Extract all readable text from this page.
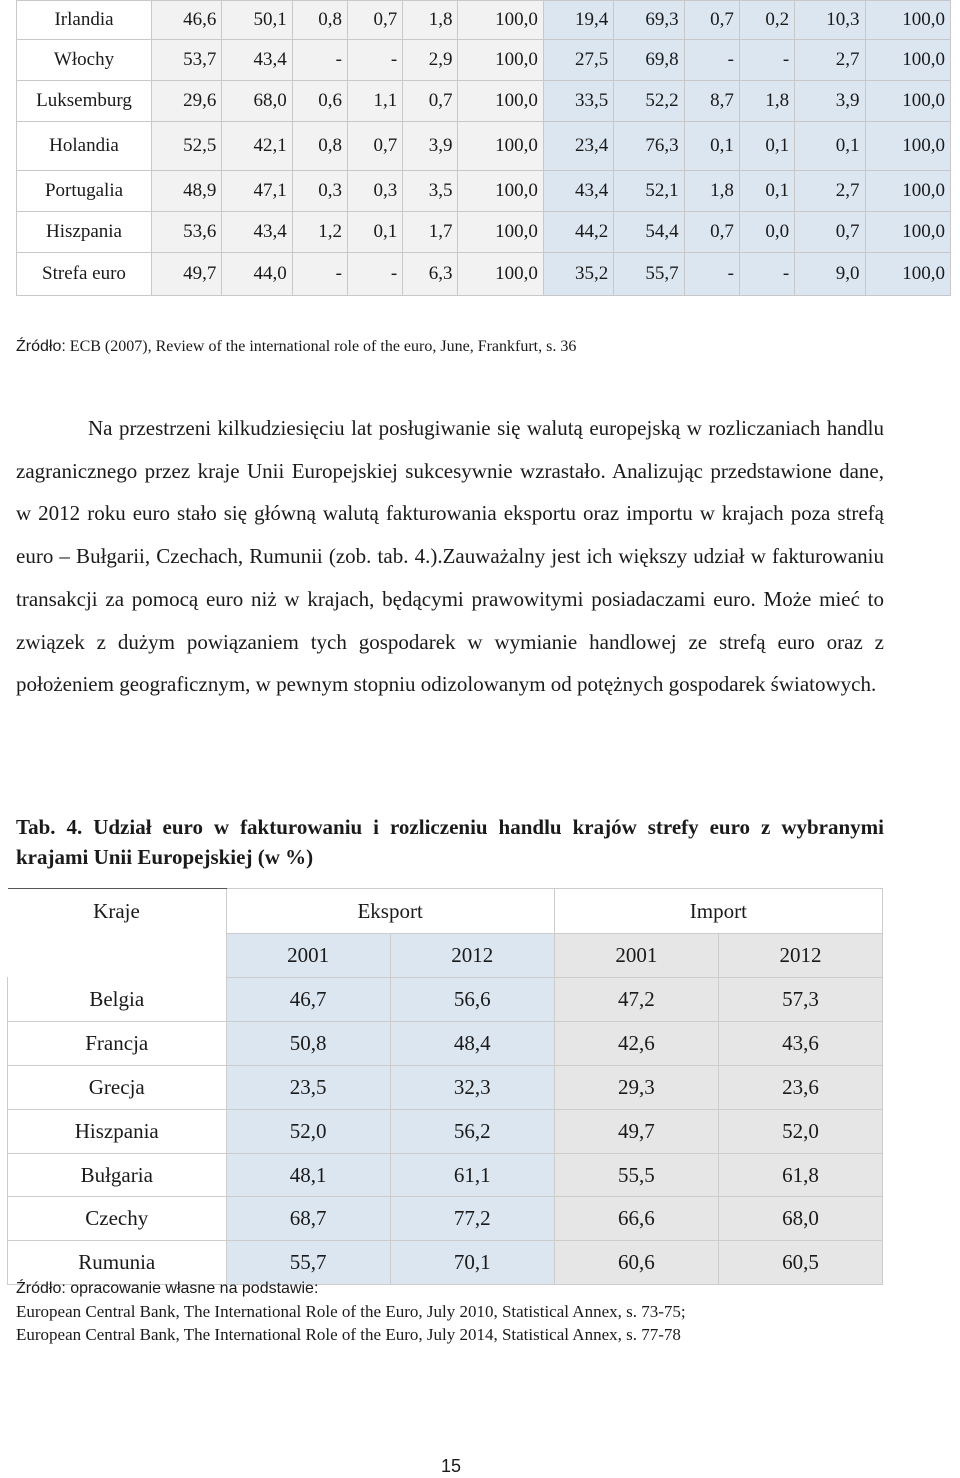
Irlandia	46,6	50,1	0,8	0,7	1,8	100,0	19,4	69,3	0,7	0,2	10,3	100,0
Włochy	53,7	43,4	-	-	2,9	100,0	27,5	69,8	-	-	2,7	100,0
Luksemburg	29,6	68,0	0,6	1,1	0,7	100,0	33,5	52,2	8,7	1,8	3,9	100,0
Holandia	52,5	42,1	0,8	0,7	3,9	100,0	23,4	76,3	0,1	0,1	0,1	100,0
Portugalia	48,9	47,1	0,3	0,3	3,5	100,0	43,4	52,1	1,8	0,1	2,7	100,0
Hiszpania	53,6	43,4	1,2	0,1	1,7	100,0	44,2	54,4	0,7	0,0	0,7	100,0
Strefa euro	49,7	44,0	-	-	6,3	100,0	35,2	55,7	-	-	9,0	100,0
Źródło: ECB (2007), Review of the international role of the euro, June, Frankfurt, s. 36

Na przestrzeni kilkudziesięciu lat posługiwanie się walutą europejską w rozliczaniach handlu zagranicznego przez kraje Unii Europejskiej sukcesywnie wzrastało. Analizując przedstawione dane, w 2012 roku euro stało się główną walutą fakturowania eksportu oraz importu w krajach poza strefą euro – Bułgarii, Czechach, Rumunii (zob. tab. 4.).Zauważalny jest ich większy udział w fakturowaniu transakcji za pomocą euro niż w krajach, będącymi prawowitymi posiadaczami euro. Może mieć to związek z dużym powiązaniem tych gospodarek w wymianie handlowej ze strefą euro oraz z położeniem geograficznym, w pewnym stopniu odizolowanym od potężnych gospodarek światowych.

Tab. 4. Udział euro w fakturowaniu i rozliczeniu handlu krajów strefy euro z wybranymi krajami Unii Europejskiej (w %)
Kraje	Eksport		Import	
	2001	2012	2001	2012
Belgia	46,7	56,6	47,2	57,3
Francja	50,8	48,4	42,6	43,6
Grecja	23,5	32,3	29,3	23,6
Hiszpania	52,0	56,2	49,7	52,0
Bułgaria	48,1	61,1	55,5	61,8
Czechy	68,7	77,2	66,6	68,0
Rumunia	55,7	70,1	60,6	60,5
Źródło: opracowanie własne na podstawie:
European Central Bank, The International Role of the Euro, July 2010, Statistical Annex, s. 73-75;
European Central Bank, The International Role of the Euro, July 2014, Statistical Annex, s. 77-78
15
